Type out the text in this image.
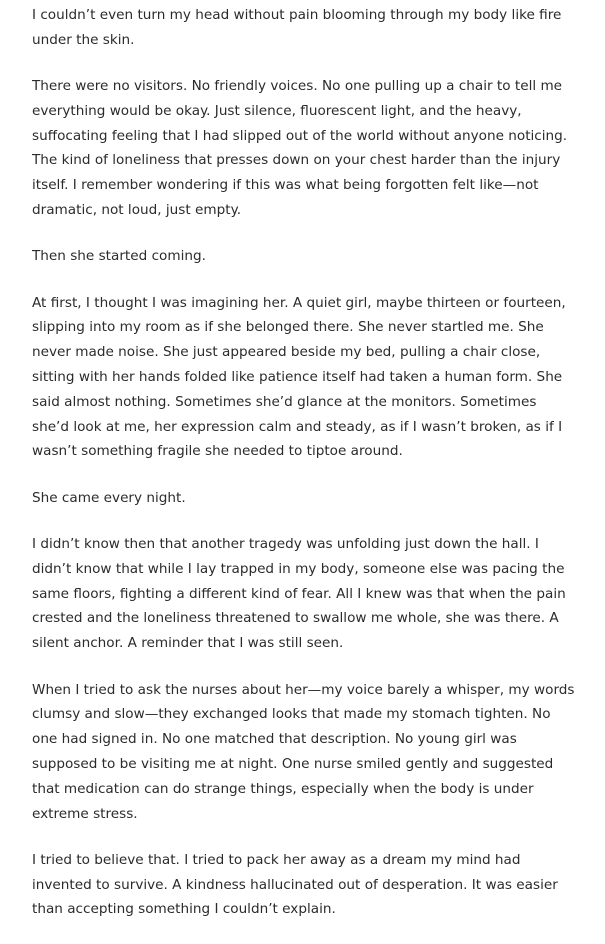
I couldn’t even turn my head without pain blooming through my body like fire under the skin.

There were no visitors. No friendly voices. No one pulling up a chair to tell me everything would be okay. Just silence, fluorescent light, and the heavy, suffocating feeling that I had slipped out of the world without anyone noticing. The kind of loneliness that presses down on your chest harder than the injury itself. I remember wondering if this was what being forgotten felt like—not dramatic, not loud, just empty.

Then she started coming.

At first, I thought I was imagining her. A quiet girl, maybe thirteen or fourteen, slipping into my room as if she belonged there. She never startled me. She never made noise. She just appeared beside my bed, pulling a chair close, sitting with her hands folded like patience itself had taken a human form. She said almost nothing. Sometimes she’d glance at the monitors. Sometimes she’d look at me, her expression calm and steady, as if I wasn’t broken, as if I wasn’t something fragile she needed to tiptoe around.

She came every night.

I didn’t know then that another tragedy was unfolding just down the hall. I didn’t know that while I lay trapped in my body, someone else was pacing the same floors, fighting a different kind of fear. All I knew was that when the pain crested and the loneliness threatened to swallow me whole, she was there. A silent anchor. A reminder that I was still seen.

When I tried to ask the nurses about her—my voice barely a whisper, my words clumsy and slow—they exchanged looks that made my stomach tighten. No one had signed in. No one matched that description. No young girl was supposed to be visiting me at night. One nurse smiled gently and suggested that medication can do strange things, especially when the body is under extreme stress.

I tried to believe that. I tried to pack her away as a dream my mind had invented to survive. A kindness hallucinated out of desperation. It was easier than accepting something I couldn’t explain.
